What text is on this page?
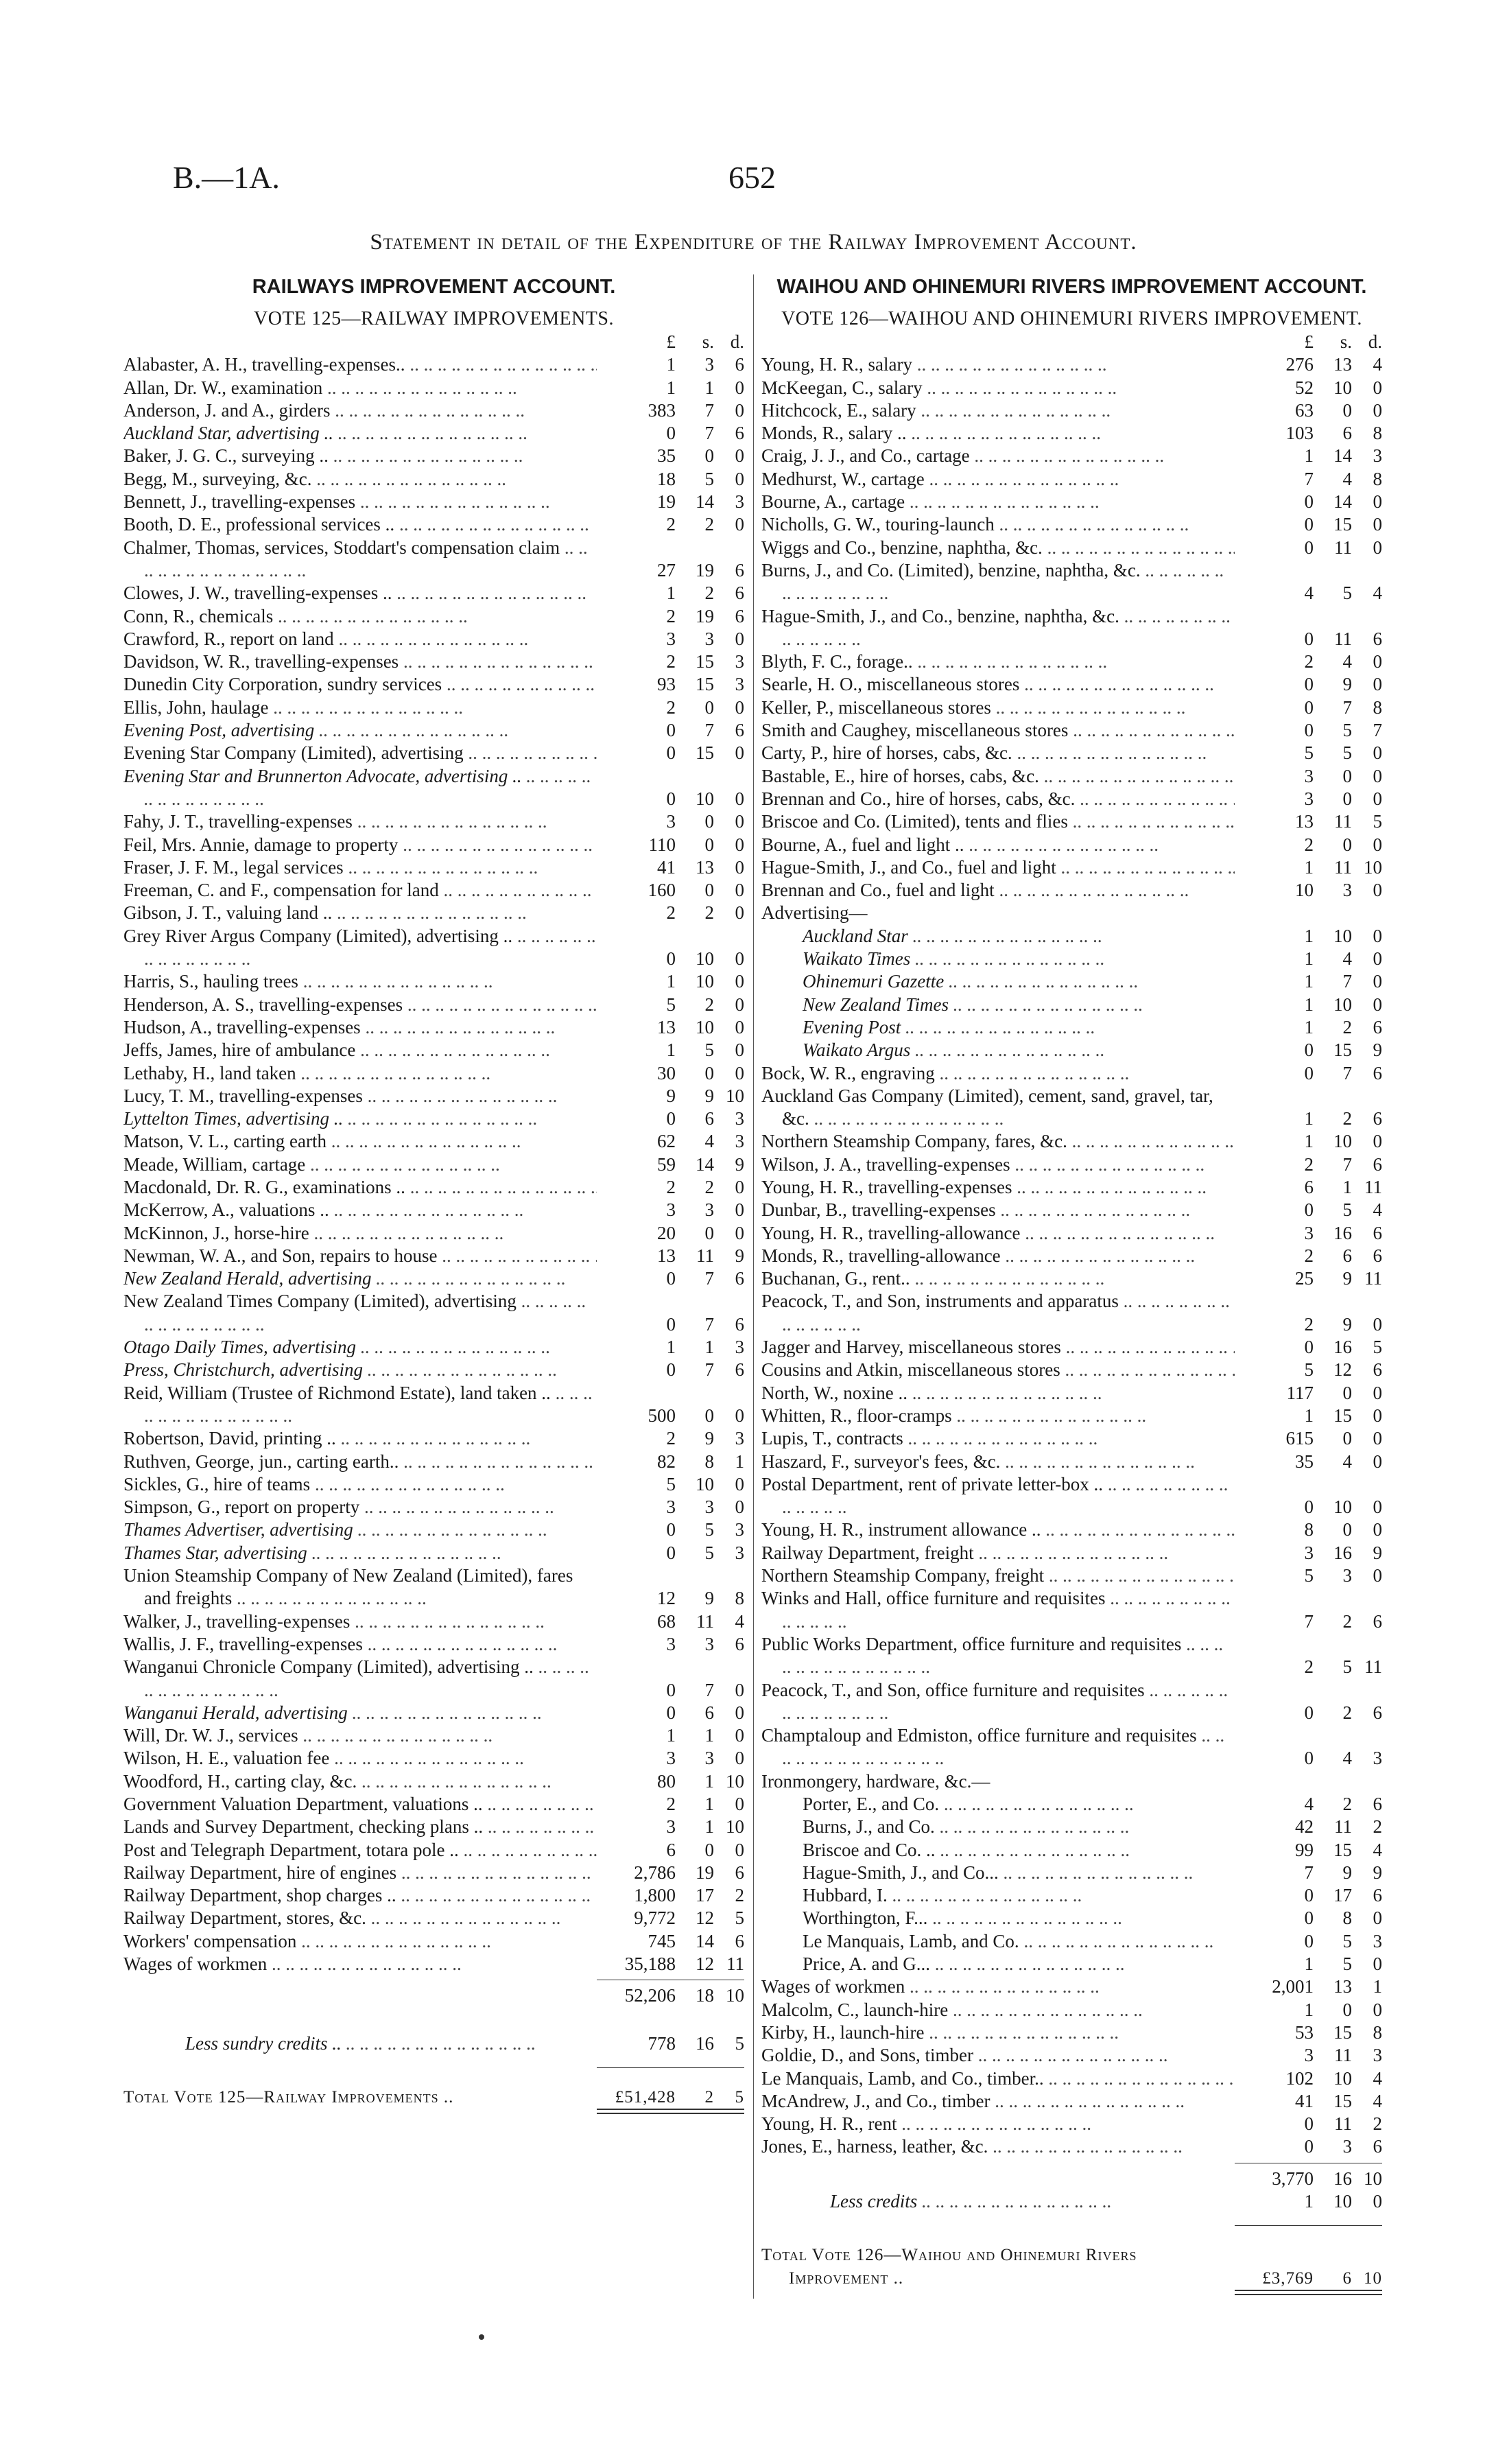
B.—1A.	652
Statement in detail of the Expenditure of the Railway Improvement Account.
RAILWAYS IMPROVEMENT ACCOUNT.
VOTE 125—RAILWAY IMPROVEMENTS.
£	s. d.
Alabaster, A. H., travelling-expenses.. .. ..	1	3	6
Allan, Dr. W., examination .. ..	1	1	0
Anderson, J. and A., girders .. ..	383	7	0
Auckland Star, advertising .. .. ..	0	7	6
Baker, J. G. C., surveying .. .. ..	35	0	0
Begg, M., surveying, &c. .. ..	18	5	0
Bennett, J., travelling-expenses .. ..	19	14	3
Booth, D. E., professional services .. .. ..	2	2	0
Chalmer, Thomas, services, Stoddart's compensation claim .. ..
27	19	6
Clowes, J. W., travelling-expenses .. .. ..	1	2	6
Conn, R., chemicals .. ..	2	19	6
Crawford, R., report on land .. ..	3	3	0
Davidson, W. R., travelling-expenses .. ..	2	15	3
Dunedin City Corporation, sundry services .. ..	93	15	3
Ellis, John, haulage .. ..	2	0	0
Evening Post, advertising .. ..	0	7	6
Evening Star Company (Limited), advertising .. ..	0	15	0
Evening Star and Brunnerton Advocate, advertising .. .. ..
0	10	0
Fahy, J. T., travelling-expenses .. ..	3	0	0
Feil, Mrs. Annie, damage to property .. ..	110	0	0
Fraser, J. F. M., legal services .. ..	41	13	0
Freeman, C. and F., compensation for land .. ..	160	0	0
Gibson, J. T., valuing land .. .. ..	2	2	0
Grey River Argus Company (Limited), advertising .. .. ..
0	10	0
Harris, S., hauling trees .. ..	1	10	0
Henderson, A. S., travelling-expenses .. ..	5	2	0
Hudson, A., travelling-expenses .. ..	13	10	0
Jeffs, James, hire of ambulance .. ..	1	5	0
Lethaby, H., land taken .. ..	30	0	0
Lucy, T. M., travelling-expenses .. ..	9	9 10
Lyttelton Times, advertising .. .. ..	0	6	3
Matson, V. L., carting earth .. ..	62	4	3
Meade, William, cartage .. ..	59	14	9
Macdonald, Dr. R. G., examinations .. .. ..	2	2	0
McKerrow, A., valuations .. .. ..	3	3	0
McKinnon, J., horse-hire .. ..	20	0	0
Newman, W. A., and Son, repairs to house .. ..	13	11	9
New Zealand Herald, advertising .. ..	0	7	6
New Zealand Times Company (Limited), advertising .. ..
0	7	6
Otago Daily Times, advertising .. ..	1	1	3
Press, Christchurch, advertising .. ..	0	7	6
Reid, William (Trustee of Richmond Estate), land taken .. .. ..
500	0	0
Robertson, David, printing .. .. ..	2	9	3
Ruthven, George, jun., carting earth.. .. ..	82	8	1
Sickles, G., hire of teams .. ..	5	10	0
Simpson, G., report on property .. ..	3	3	0
Thames Advertiser, advertising .. ..	0	5	3
Thames Star, advertising .. ..	0	5	3
Union Steamship Company of New Zealand (Limited), fares and freights .. ..	12	9	8
Walker, J., travelling-expenses .. ..	68	11	4
Wallis, J. F., travelling-expenses .. ..	3	3	6
Wanganui Chronicle Company (Limited), advertising .. .. ..
0	7	0
Wanganui Herald, advertising .. ..	0	6	0
Will, Dr. W. J., services .. ..	1	1	0
Wilson, H. E., valuation fee .. ..	3	3	0
Woodford, H., carting clay, &c. .. ..	80	1 10
Government Valuation Department, valuations .. .. ..	2	1	0
Lands and Survey Department, checking plans .. .. ..	3	1 10
Post and Telegraph Department, totara pole .. .. ..	6	0	0
Railway Department, hire of engines .. ..	2,786	19	6
Railway Department, shop charges .. .. ..	1,800	17	2
Railway Department, stores, &c. .. ..	9,772	12	5
Workers' compensation .. ..	745	14	6
Wages of workmen .. ..	35,188	12 11
52,206	18 10
Less sundry credits .. .. ..	778	16	5
Total Vote 125—Railway Improvements ..	£51,428	2	5
WAIHOU AND OHINEMURI RIVERS IMPROVEMENT ACCOUNT.
VOTE 126—WAIHOU AND OHINEMURI RIVERS IMPROVEMENT.
£	s. d.
Young, H. R., salary .. ..	276	13	4
McKeegan, C., salary .. ..	52	10	0
Hitchcock, E., salary .. ..	63	0	0
Monds, R., salary .. .. ..	103	6	8
Craig, J. J., and Co., cartage .. ..	1	14	3
Medhurst, W., cartage .. ..	7	4	8
Bourne, A., cartage .. ..	0	14	0
Nicholls, G. W., touring-launch .. ..	0	15	0
Wiggs and Co., benzine, naphtha, &c. .. ..	0	11	0
Burns, J., and Co. (Limited), benzine, naphtha, &c. .. ..
4	5	4
Hague-Smith, J., and Co., benzine, naphtha, &c. .. ..
0	11	6
Blyth, F. C., forage.. .. ..	2	4	0
Searle, H. O., miscellaneous stores .. ..	0	9	0
Keller, P., miscellaneous stores .. ..	0	7	8
Smith and Caughey, miscellaneous stores .. ..	0	5	7
Carty, P., hire of horses, cabs, &c. .. ..	5	5	0
Bastable, E., hire of horses, cabs, &c. .. ..	3	0	0
Brennan and Co., hire of horses, cabs, &c. .. ..	3	0	0
Briscoe and Co. (Limited), tents and flies .. ..	13	11	5
Bourne, A., fuel and light .. .. ..	2	0	0
Hague-Smith, J., and Co., fuel and light .. ..	1	11 10
Brennan and Co., fuel and light .. ..	10	3	0
Advertising—
Auckland Star .. ..	1	10	0
Waikato Times .. ..	1	4	0
Ohinemuri Gazette .. ..	1	7	0
New Zealand Times .. ..	1	10	0
Evening Post .. ..	1	2	6
Waikato Argus .. ..	0	15	9
Bock, W. R., engraving .. ..	0	7	6
Auckland Gas Company (Limited), cement, sand, gravel, tar, &c. .. ..	1	2	6
Northern Steamship Company, fares, &c. .. ..	1	10	0
Wilson, J. A., travelling-expenses .. ..	2	7	6
Young, H. R., travelling-expenses .. ..	6	1 11
Dunbar, B., travelling-expenses .. ..	0	5	4
Young, H. R., travelling-allowance .. ..	3	16	6
Monds, R., travelling-allowance .. ..	2	6	6
Buchanan, G., rent.. .. ..	25	9 11
Peacock, T., and Son, instruments and apparatus .. ..
2	9	0
Jagger and Harvey, miscellaneous stores .. ..	0	16	5
Cousins and Atkin, miscellaneous stores .. ..	5	12	6
North, W., noxine .. .. ..	117	0	0
Whitten, R., floor-cramps .. ..	1	15	0
Lupis, T., contracts .. ..	615	0	0
Haszard, F., surveyor's fees, &c. .. ..	35	4	0
Postal Department, rent of private letter-box .. .. ..
0	10	0
Young, H. R., instrument allowance .. .. ..	8	0	0
Railway Department, freight .. ..	3	16	9
Northern Steamship Company, freight .. ..	5	3	0
Winks and Hall, office furniture and requisites .. ..
7	2	6
Public Works Department, office furniture and requisites .. ..
2	5 11
Peacock, T., and Son, office furniture and requisites .. ..
0	2	6
Champtaloup and Edmiston, office furniture and requisites .. ..
0	4	3
Ironmongery, hardware, &c.—
Porter, E., and Co. .. ..	4	2	6
Burns, J., and Co. .. ..	42	11	2
Briscoe and Co. .. .. ..	99	15	4
Hague-Smith, J., and Co... .. ..	7	9	9
Hubbard, I. .. ..	0	17	6
Worthington, F... .. ..	0	8	0
Le Manquais, Lamb, and Co. .. ..	0	5	3
Price, A. and G... .. ..	1	5	0
Wages of workmen .. ..	2,001	13	1
Malcolm, C., launch-hire .. ..	1	0	0
Kirby, H., launch-hire .. ..	53	15	8
Goldie, D., and Sons, timber .. ..	3	11	3
Le Manquais, Lamb, and Co., timber.. .. ..	102	10	4
McAndrew, J., and Co., timber .. ..	41	15	4
Young, H. R., rent .. ..	0	11	2
Jones, E., harness, leather, &c. .. ..	0	3	6
3,770	16 10
Less credits .. ..	1	10	0
Total Vote 126—Waihou and Ohinemuri Rivers Improvement ..	£3,769	6 10
